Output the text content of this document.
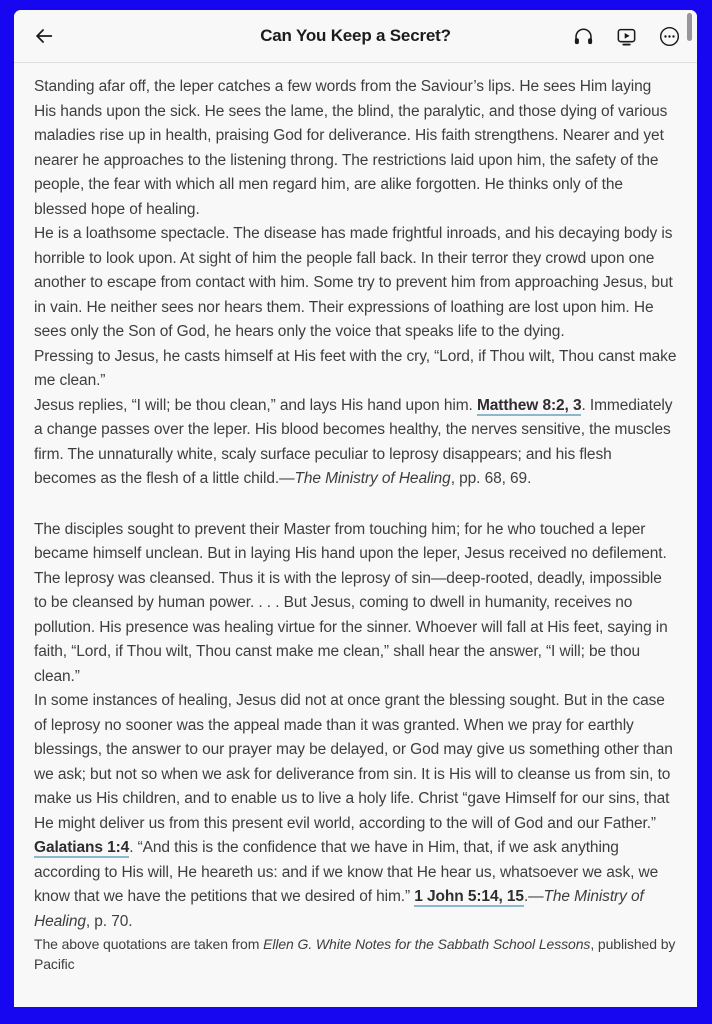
Can You Keep a Secret?

Standing afar off, the leper catches a few words from the Saviour’s lips. He sees Him laying His hands upon the sick. He sees the lame, the blind, the paralytic, and those dying of various maladies rise up in health, praising God for deliverance. His faith strengthens. Nearer and yet nearer he approaches to the listening throng. The restrictions laid upon him, the safety of the people, the fear with which all men regard him, are alike forgotten. He thinks only of the blessed hope of healing.

He is a loathsome spectacle. The disease has made frightful inroads, and his decaying body is horrible to look upon. At sight of him the people fall back. In their terror they crowd upon one another to escape from contact with him. Some try to prevent him from approaching Jesus, but in vain. He neither sees nor hears them. Their expressions of loathing are lost upon him. He sees only the Son of God, he hears only the voice that speaks life to the dying.

Pressing to Jesus, he casts himself at His feet with the cry, “Lord, if Thou wilt, Thou canst make me clean.”

Jesus replies, “I will; be thou clean,” and lays His hand upon him. Matthew 8:2, 3. Immediately a change passes over the leper. His blood becomes healthy, the nerves sensitive, the muscles firm. The unnaturally white, scaly surface peculiar to leprosy disappears; and his flesh becomes as the flesh of a little child.—The Ministry of Healing, pp. 68, 69.

The disciples sought to prevent their Master from touching him; for he who touched a leper became himself unclean. But in laying His hand upon the leper, Jesus received no defilement. The leprosy was cleansed. Thus it is with the leprosy of sin—deep-rooted, deadly, impossible to be cleansed by human power. . . . But Jesus, coming to dwell in humanity, receives no pollution. His presence was healing virtue for the sinner. Whoever will fall at His feet, saying in faith, “Lord, if Thou wilt, Thou canst make me clean,” shall hear the answer, “I will; be thou clean.”

In some instances of healing, Jesus did not at once grant the blessing sought. But in the case of leprosy no sooner was the appeal made than it was granted. When we pray for earthly blessings, the answer to our prayer may be delayed, or God may give us something other than we ask; but not so when we ask for deliverance from sin. It is His will to cleanse us from sin, to make us His children, and to enable us to live a holy life. Christ “gave Himself for our sins, that He might deliver us from this present evil world, according to the will of God and our Father.” Galatians 1:4. “And this is the confidence that we have in Him, that, if we ask anything according to His will, He heareth us: and if we know that He hear us, whatsoever we ask, we know that we have the petitions that we desired of him.” 1 John 5:14, 15.—The Ministry of Healing, p. 70.

The above quotations are taken from Ellen G. White Notes for the Sabbath School Lessons, published by Pacific
